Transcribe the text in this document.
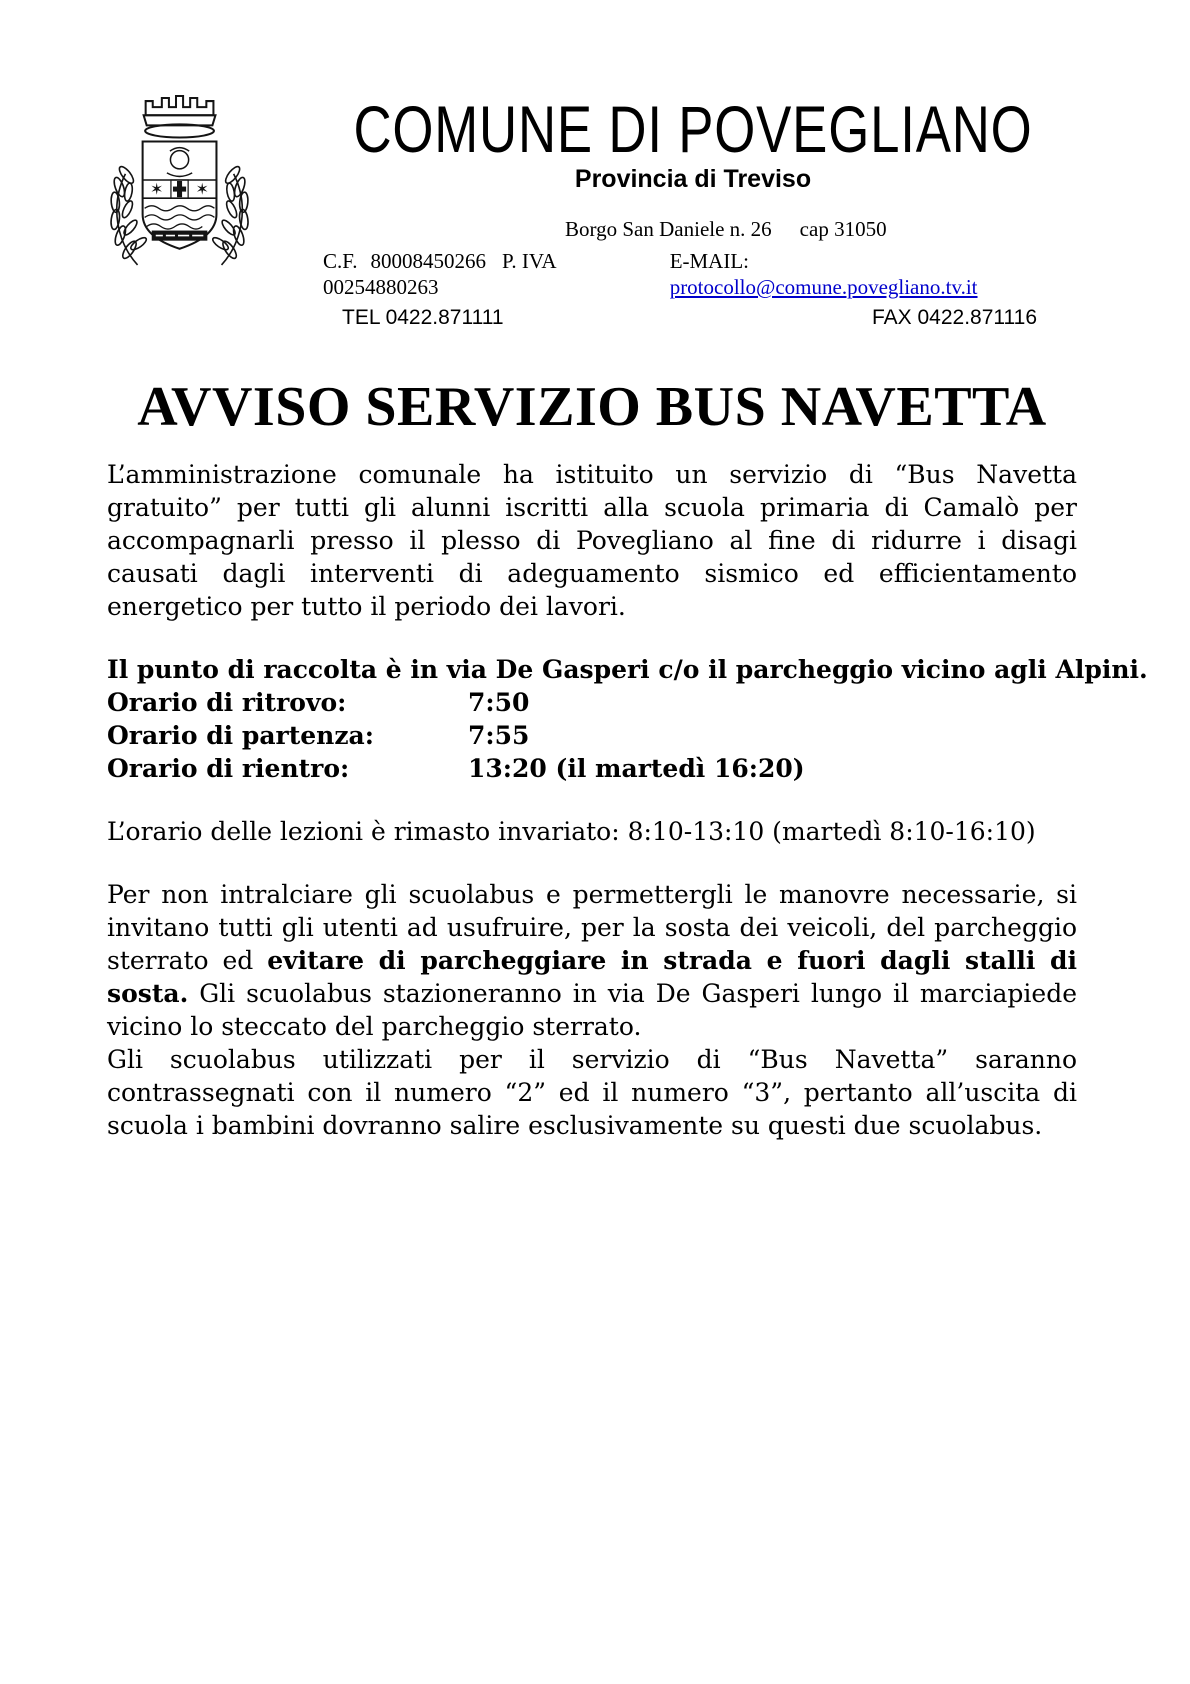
✶ ✶
COMUNE DI POVEGLIANO
Provincia di Treviso
Borgo San Daniele n. 26 cap 31050
C.F. 80008450266 P. IVA 00254880263
E-MAIL: protocollo@comune.povegliano.tv.it
TEL 0422.871111	FAX 0422.871116
AVVISO SERVIZIO BUS NAVETTA

L’amministrazione comunale ha istituito un servizio di “Bus Navetta gratuito” per tutti gli alunni iscritti alla scuola primaria di Camalò per accompagnarli presso il plesso di Povegliano al fine di ridurre i disagi causati dagli interventi di adeguamento sismico ed efficientamento energetico per tutto il periodo dei lavori.

Il punto di raccolta è in via De Gasperi c/o il parcheggio vicino agli Alpini.
Orario di ritrovo:	7:50
Orario di partenza:	7:55
Orario di rientro:	13:20 (il martedì 16:20)

L’orario delle lezioni è rimasto invariato: 8:10-13:10 (martedì 8:10-16:10)

Per non intralciare gli scuolabus e permettergli le manovre necessarie, si invitano tutti gli utenti ad usufruire, per la sosta dei veicoli, del parcheggio sterrato ed evitare di parcheggiare in strada e fuori dagli stalli di sosta. Gli scuolabus stazioneranno in via De Gasperi lungo il marciapiede vicino lo steccato del parcheggio sterrato.

Gli scuolabus utilizzati per il servizio di “Bus Navetta” saranno contrassegnati con il numero “2” ed il numero “3”, pertanto all’uscita di scuola i bambini dovranno salire esclusivamente su questi due scuolabus.
